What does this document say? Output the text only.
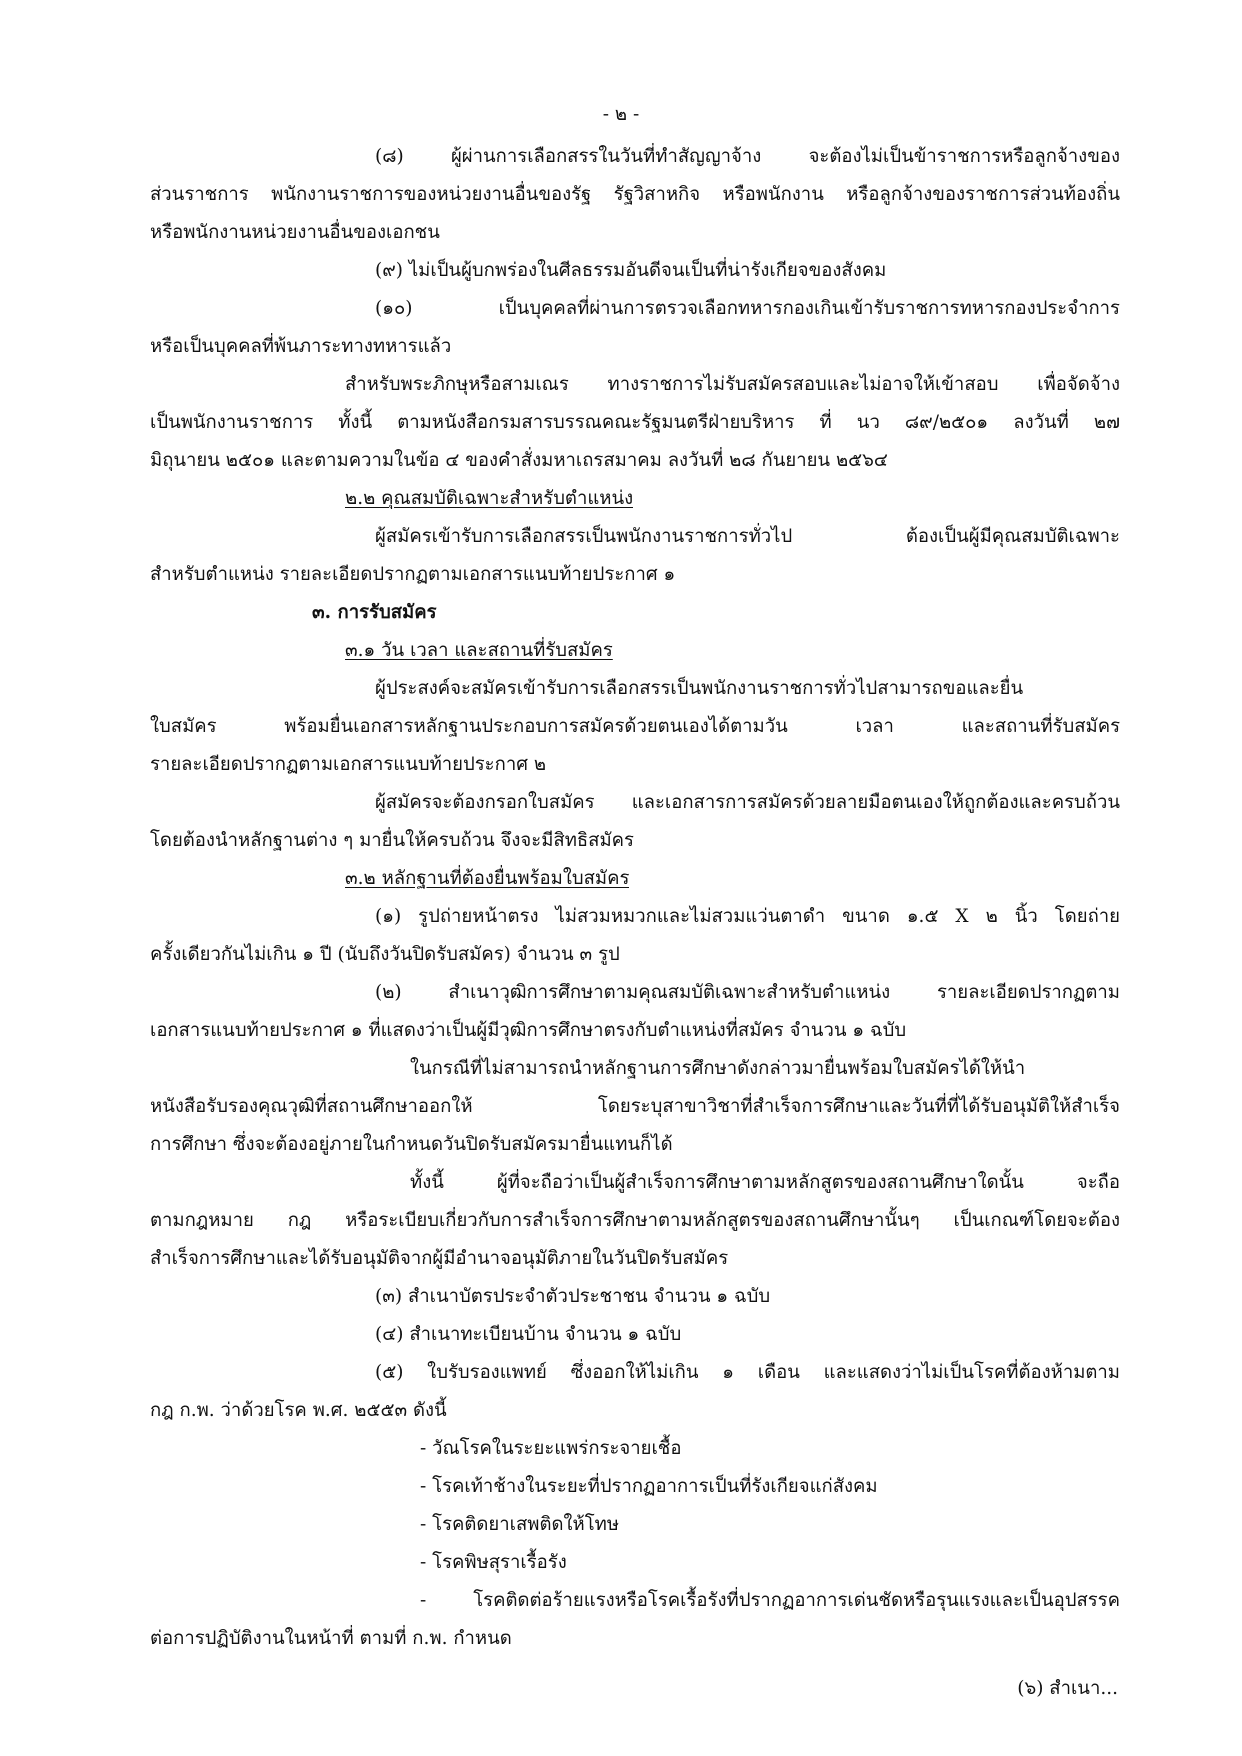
- ๒ -
(๘) ผู้ผ่านการเลือกสรรในวันที่ทำสัญญาจ้าง จะต้องไม่เป็นข้าราชการหรือลูกจ้างของ
ส่วนราชการ พนักงานราชการของหน่วยงานอื่นของรัฐ รัฐวิสาหกิจ หรือพนักงาน หรือลูกจ้างของราชการส่วนท้องถิ่น
หรือพนักงานหน่วยงานอื่นของเอกชน
(๙) ไม่เป็นผู้บกพร่องในศีลธรรมอันดีจนเป็นที่น่ารังเกียจของสังคม
(๑๐) เป็นบุคคลที่ผ่านการตรวจเลือกทหารกองเกินเข้ารับราชการทหารกองประจำการ
หรือเป็นบุคคลที่พ้นภาระทางทหารแล้ว
สำหรับพระภิกษุหรือสามเณร ทางราชการไม่รับสมัครสอบและไม่อาจให้เข้าสอบ เพื่อจัดจ้าง
เป็นพนักงานราชการ ทั้งนี้ ตามหนังสือกรมสารบรรณคณะรัฐมนตรีฝ่ายบริหาร ที่ นว ๘๙/๒๕๐๑ ลงวันที่ ๒๗
มิถุนายน ๒๕๐๑ และตามความในข้อ ๔ ของคำสั่งมหาเถรสมาคม ลงวันที่ ๒๘ กันยายน ๒๕๖๔
๒.๒ คุณสมบัติเฉพาะสำหรับตำแหน่ง
ผู้สมัครเข้ารับการเลือกสรรเป็นพนักงานราชการทั่วไป ต้องเป็นผู้มีคุณสมบัติเฉพาะ
สำหรับตำแหน่ง รายละเอียดปรากฏตามเอกสารแนบท้ายประกาศ ๑
๓. การรับสมัคร
๓.๑ วัน เวลา และสถานที่รับสมัคร
ผู้ประสงค์จะสมัครเข้ารับการเลือกสรรเป็นพนักงานราชการทั่วไปสามารถขอและยื่น
ใบสมัคร พร้อมยื่นเอกสารหลักฐานประกอบการสมัครด้วยตนเองได้ตามวัน เวลา และสถานที่รับสมัคร
รายละเอียดปรากฏตามเอกสารแนบท้ายประกาศ ๒
ผู้สมัครจะต้องกรอกใบสมัคร และเอกสารการสมัครด้วยลายมือตนเองให้ถูกต้องและครบถ้วน
โดยต้องนำหลักฐานต่าง ๆ มายื่นให้ครบถ้วน จึงจะมีสิทธิสมัคร
๓.๒ หลักฐานที่ต้องยื่นพร้อมใบสมัคร
(๑) รูปถ่ายหน้าตรง ไม่สวมหมวกและไม่สวมแว่นตาดำ ขนาด ๑.๕ X ๒ นิ้ว โดยถ่าย
ครั้งเดียวกันไม่เกิน ๑ ปี (นับถึงวันปิดรับสมัคร) จำนวน ๓ รูป
(๒) สำเนาวุฒิการศึกษาตามคุณสมบัติเฉพาะสำหรับตำแหน่ง รายละเอียดปรากฏตาม
เอกสารแนบท้ายประกาศ ๑ ที่แสดงว่าเป็นผู้มีวุฒิการศึกษาตรงกับตำแหน่งที่สมัคร จำนวน ๑ ฉบับ
ในกรณีที่ไม่สามารถนำหลักฐานการศึกษาดังกล่าวมายื่นพร้อมใบสมัครได้ให้นำ
หนังสือรับรองคุณวุฒิที่สถานศึกษาออกให้ โดยระบุสาขาวิชาที่สำเร็จการศึกษาและวันที่ที่ได้รับอนุมัติให้สำเร็จ
การศึกษา ซึ่งจะต้องอยู่ภายในกำหนดวันปิดรับสมัครมายื่นแทนก็ได้
ทั้งนี้ ผู้ที่จะถือว่าเป็นผู้สำเร็จการศึกษาตามหลักสูตรของสถานศึกษาใดนั้น จะถือ
ตามกฎหมาย กฎ หรือระเบียบเกี่ยวกับการสำเร็จการศึกษาตามหลักสูตรของสถานศึกษานั้นๆ เป็นเกณฑ์โดยจะต้อง
สำเร็จการศึกษาและได้รับอนุมัติจากผู้มีอำนาจอนุมัติภายในวันปิดรับสมัคร
(๓) สำเนาบัตรประจำตัวประชาชน จำนวน ๑ ฉบับ
(๔) สำเนาทะเบียนบ้าน จำนวน ๑ ฉบับ
(๕) ใบรับรองแพทย์ ซึ่งออกให้ไม่เกิน ๑ เดือน และแสดงว่าไม่เป็นโรคที่ต้องห้ามตาม
กฎ ก.พ. ว่าด้วยโรค พ.ศ. ๒๕๕๓ ดังนี้
- วัณโรคในระยะแพร่กระจายเชื้อ
- โรคเท้าช้างในระยะที่ปรากฏอาการเป็นที่รังเกียจแก่สังคม
- โรคติดยาเสพติดให้โทษ
- โรคพิษสุราเรื้อรัง
- โรคติดต่อร้ายแรงหรือโรคเรื้อรังที่ปรากฏอาการเด่นชัดหรือรุนแรงและเป็นอุปสรรค
ต่อการปฏิบัติงานในหน้าที่ ตามที่ ก.พ. กำหนด
(๖) สำเนา...
